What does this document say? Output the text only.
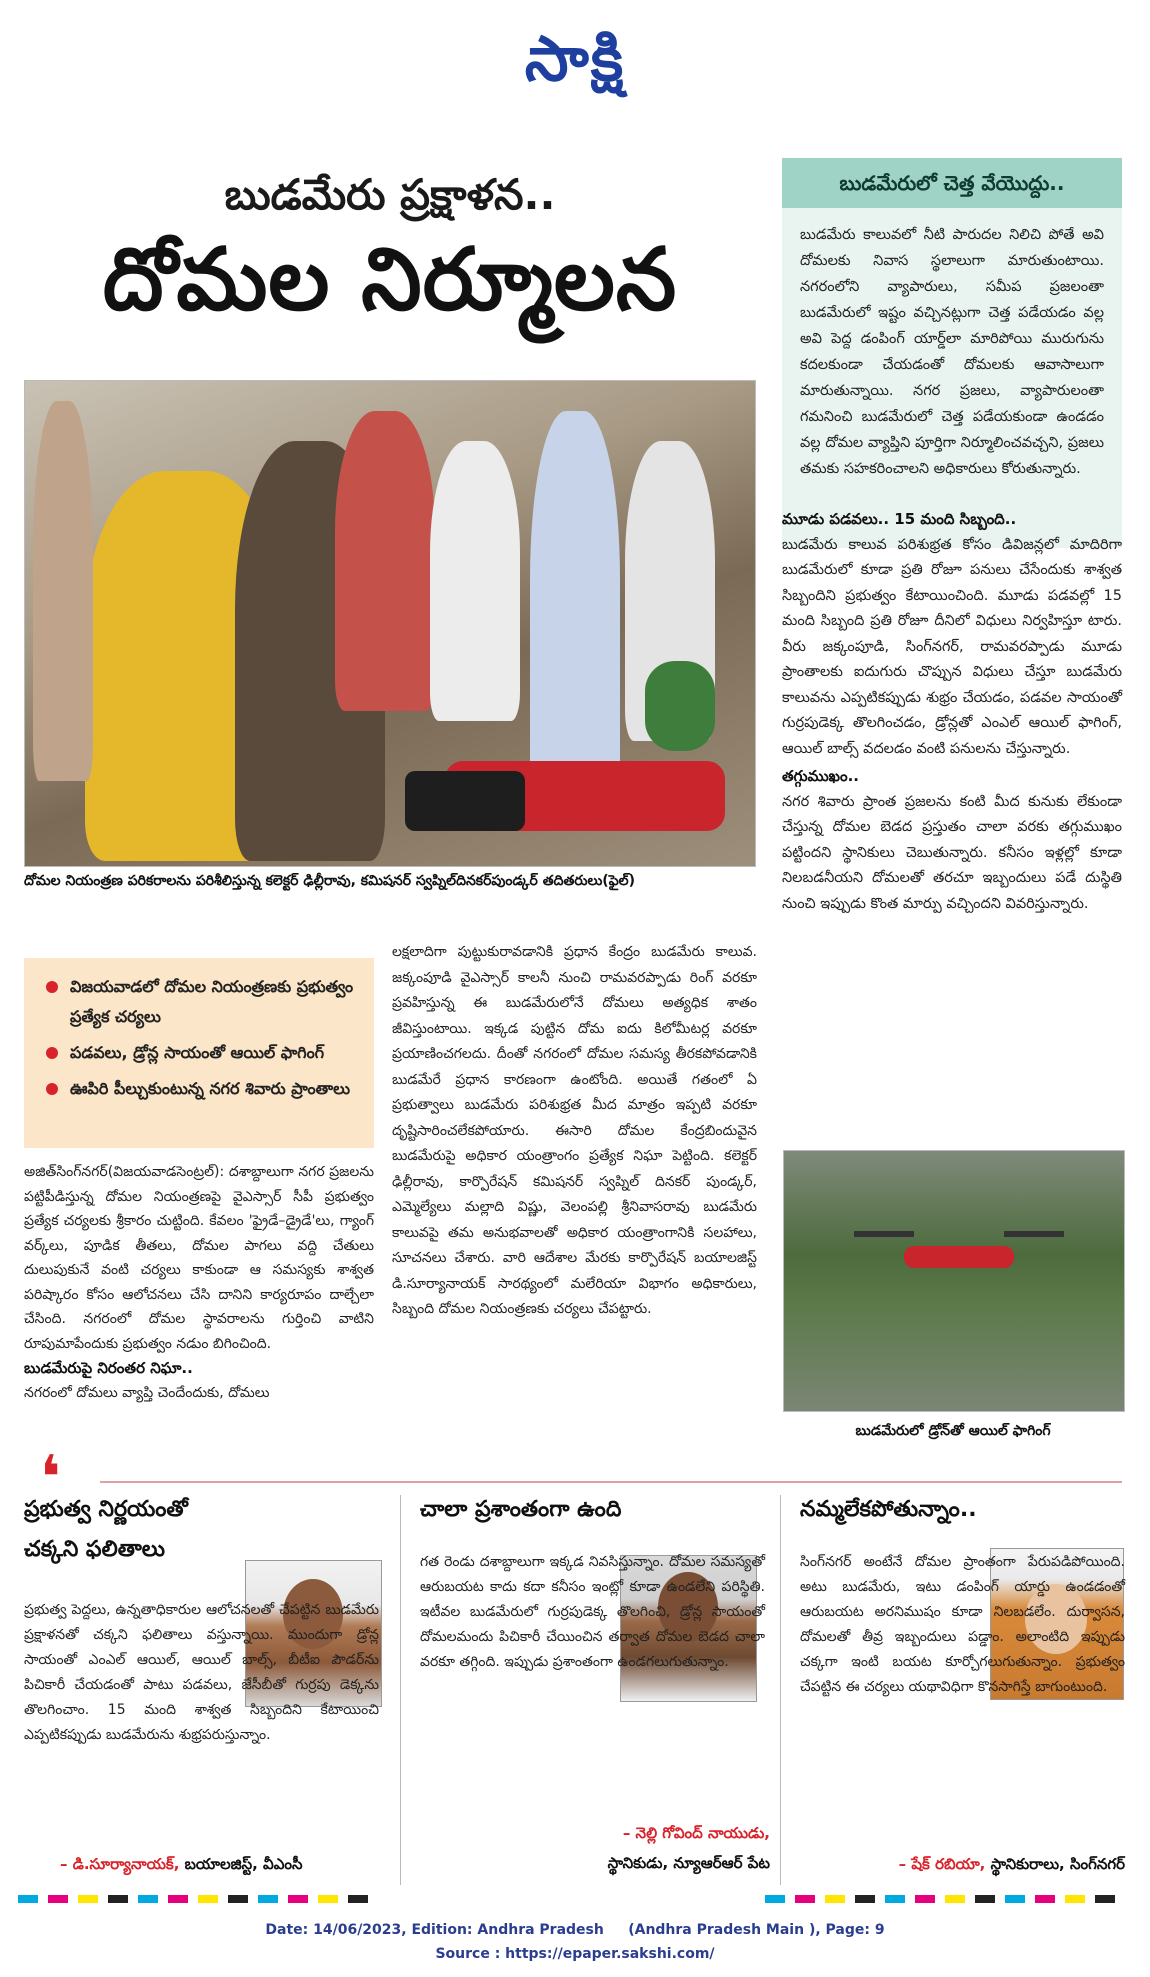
సాక్షి
బుడమేరు ప్రక్షాళన..
దోమల నిర్మూలన
బుడమేరులో చెత్త వేయొద్దు..

బుడమేరు కాలువలో నీటి పారుదల నిలిచి పోతే అవి దోమలకు నివాస స్థలాలుగా మారుతుంటాయి. నగరంలోని వ్యాపారులు, సమీప ప్రజలంతా బుడమేరులో ఇష్టం వచ్చినట్లుగా చెత్త పడేయడం వల్ల అవి పెద్ద డంపింగ్ యార్డ్‌లా మారిపోయి మురుగును కదలకుండా చేయడంతో దోమలకు ఆవాసాలుగా మారుతున్నాయి. నగర ప్రజలు, వ్యాపారులంతా గమనించి బుడమేరులో చెత్త పడేయకుండా ఉండడం వల్ల దోమల వ్యాప్తిని పూర్తిగా నిర్మూలించవచ్చని, ప్రజలు తమకు సహకరించాలని అధికారులు కోరుతున్నారు.

దోమల నియంత్రణ పరికరాలను పరిశీలిస్తున్న కలెక్టర్ ఢిల్లీరావు, కమిషనర్ స్వప్నిల్‌దినకర్‌పుండ్కర్ తదితరులు(ఫైల్)
మూడు పడవలు.. 15 మంది సిబ్బంది..

బుడమేరు కాలువ పరిశుభ్రత కోసం డివిజన్లలో మాదిరిగా బుడమేరులో కూడా ప్రతి రోజూ పనులు చేసేందుకు శాశ్వత సిబ్బందిని ప్రభుత్వం కేటాయించింది. మూడు పడవల్లో 15 మంది సిబ్బంది ప్రతి రోజూ దీనిలో విధులు నిర్వహిస్తూ టారు. వీరు జక్కంపూడి, సింగ్‌నగర్, రామవరప్పాడు మూడు ప్రాంతాలకు ఐదుగురు చొప్పున విధులు చేస్తూ బుడమేరు కాలువను ఎప్పటికప్పుడు శుభ్రం చేయడం, పడవల సాయంతో గుర్రపుడెక్క తొలగించడం, డ్రోన్లతో ఎంఎల్ ఆయిల్ ఫాగింగ్, ఆయిల్ బాల్స్ వదలడం వంటి పనులను చేస్తున్నారు.

తగ్గుముఖం..

నగర శివారు ప్రాంత ప్రజలను కంటి మీద కునుకు లేకుండా చేస్తున్న దోమల బెడద ప్రస్తుతం చాలా వరకు తగ్గుముఖం పట్టిందని స్థానికులు చెబుతున్నారు. కనీసం ఇళ్లల్లో కూడా నిలబడనీయని దోమలతో తరచూ ఇబ్బందులు పడే దుస్థితి నుంచి ఇప్పుడు కొంత మార్పు వచ్చిందని వివరిస్తున్నారు.

బుడమేరులో డ్రోన్‌తో ఆయిల్ ఫాగింగ్
విజయవాడలో దోమల నియంత్రణకు ప్రభుత్వం ప్రత్యేక చర్యలు
పడవలు, డ్రోన్ల సాయంతో ఆయిల్ ఫాగింగ్
ఊపిరి పీల్చుకుంటున్న నగర శివారు ప్రాంతాలు

అజిత్‌సింగ్‌నగర్(విజయవాడసెంట్రల్): దశాబ్దాలుగా నగర ప్రజలను పట్టిపీడిస్తున్న దోమల నియంత్రణపై వైఎస్సార్ సీపీ ప్రభుత్వం ప్రత్యేక చర్యలకు శ్రీకారం చుట్టింది. కేవలం 'ఫ్రైడే–డ్రైడే'లు, గ్యాంగ్ వర్క్‌లు, పూడిక తీతలు, దోమల పాగలు వద్ది చేతులు దులుపుకునే వంటి చర్యలు కాకుండా ఆ సమస్యకు శాశ్వత పరిష్కారం కోసం ఆలోచనలు చేసి దానిని కార్యరూపం దాల్చేలా చేసింది. నగరంలో దోమల స్థావరాలను గుర్తించి వాటిని రూపుమాపేందుకు ప్రభుత్వం నడుం బిగించింది.

బుడమేరుపై నిరంతర నిఘా..

నగరంలో దోమలు వ్యాప్తి చెందేందుకు, దోమలు

లక్షలాదిగా పుట్టుకురావడానికి ప్రధాన కేంద్రం బుడమేరు కాలువ. జక్కంపూడి వైఎస్సార్ కాలనీ నుంచి రామవరప్పాడు రింగ్ వరకూ ప్రవహిస్తున్న ఈ బుడమేరులోనే దోమలు అత్యధిక శాతం జీవిస్తుంటాయి. ఇక్కడ పుట్టిన దోమ ఐదు కిలోమీటర్ల వరకూ ప్రయాణించగలదు. దీంతో నగరంలో దోమల సమస్య తీరకపోవడానికి బుడమేరే ప్రధాన కారణంగా ఉంటోంది. అయితే గతంలో ఏ ప్రభుత్వాలు బుడమేరు పరిశుభ్రత మీద మాత్రం ఇప్పటి వరకూ దృష్టిసారించలేకపోయారు. ఈసారి దోమల కేంద్రబిందువైన బుడమేరుపై అధికార యంత్రాంగం ప్రత్యేక నిఘా పెట్టింది. కలెక్టర్ ఢిల్లీరావు, కార్పొరేషన్ కమిషనర్ స్వప్నిల్ దినకర్ పుండ్కర్, ఎమ్మెల్యేలు మల్లాది విష్ణు, వెలంపల్లి శ్రీనివాసరావు బుడమేరు కాలువపై తమ అనుభవాలతో అధికార యంత్రాంగానికి సలహాలు, సూచనలు చేశారు. వారి ఆదేశాల మేరకు కార్పొరేషన్ బయాలజిస్ట్ డి.సూర్యానాయక్ సారథ్యంలో మలేరియా విభాగం అధికారులు, సిబ్బంది దోమల నియంత్రణకు చర్యలు చేపట్టారు.

❛
ప్రభుత్వ నిర్ణయంతో
చక్కని ఫలితాలు

ప్రభుత్వ పెద్దలు, ఉన్నతాధికారుల ఆలోచనలతో చేపట్టిన బుడమేరు ప్రక్షాళనతో చక్కని ఫలితాలు వస్తున్నాయి. ముందుగా డ్రోన్ల సాయంతో ఎంఎల్ ఆయిల్, ఆయిల్ బాల్స్, బీటీఐ పౌడర్‌ను పిచికారీ చేయడంతో పాటు పడవలు, జేసీబీతో గుర్రపు డెక్కను తొలగించాం. 15 మంది శాశ్వత సిబ్బందిని కేటాయించి ఎప్పటికప్పుడు బుడమేరును శుభ్రపరుస్తున్నాం.

– డి.సూర్యానాయక్, బయాలజిస్ట్, వీఎంసీ
చాలా ప్రశాంతంగా ఉంది

గత రెండు దశాబ్దాలుగా ఇక్కడ నివసిస్తున్నాం. దోమల సమస్యతో ఆరుబయట కాదు కదా కనీసం ఇంట్లో కూడా ఉండలేని పరిస్థితి. ఇటీవల బుడమేరులో గుర్రపుడెక్క తొలగించి, డ్రోన్ల సాయంతో దోమలమందు పిచికారీ చేయించిన తర్వాత దోమల బెడద చాలా వరకూ తగ్గింది. ఇప్పుడు ప్రశాంతంగా ఉండగలుగుతున్నాం.

– నెల్లి గోవింద్ నాయుడు,
స్థానికుడు, న్యూఆర్ఆర్ పేట
నమ్మలేకపోతున్నాం..

సింగ్‌నగర్ అంటేనే దోమల ప్రాంతంగా పేరుపడిపోయింది. అటు బుడమేరు, ఇటు డంపింగ్ యార్డు ఉండడంతో ఆరుబయట అరనిముషం కూడా నిలబడలేం. దుర్వాసన, దోమలతో తీవ్ర ఇబ్బందులు పడ్డాం. అలాంటిది ఇప్పుడు చక్కగా ఇంటి బయట కూర్చోగలుగుతున్నాం. ప్రభుత్వం చేపట్టిన ఈ చర్యలు యథావిధిగా కొనసాగిస్తే బాగుంటుంది.

– షేక్ రబియా, స్థానికురాలు, సింగ్‌నగర్
Date: 14/06/2023, Edition: Andhra Pradesh     (Andhra Pradesh Main ), Page: 9
Source : https://epaper.sakshi.com/
